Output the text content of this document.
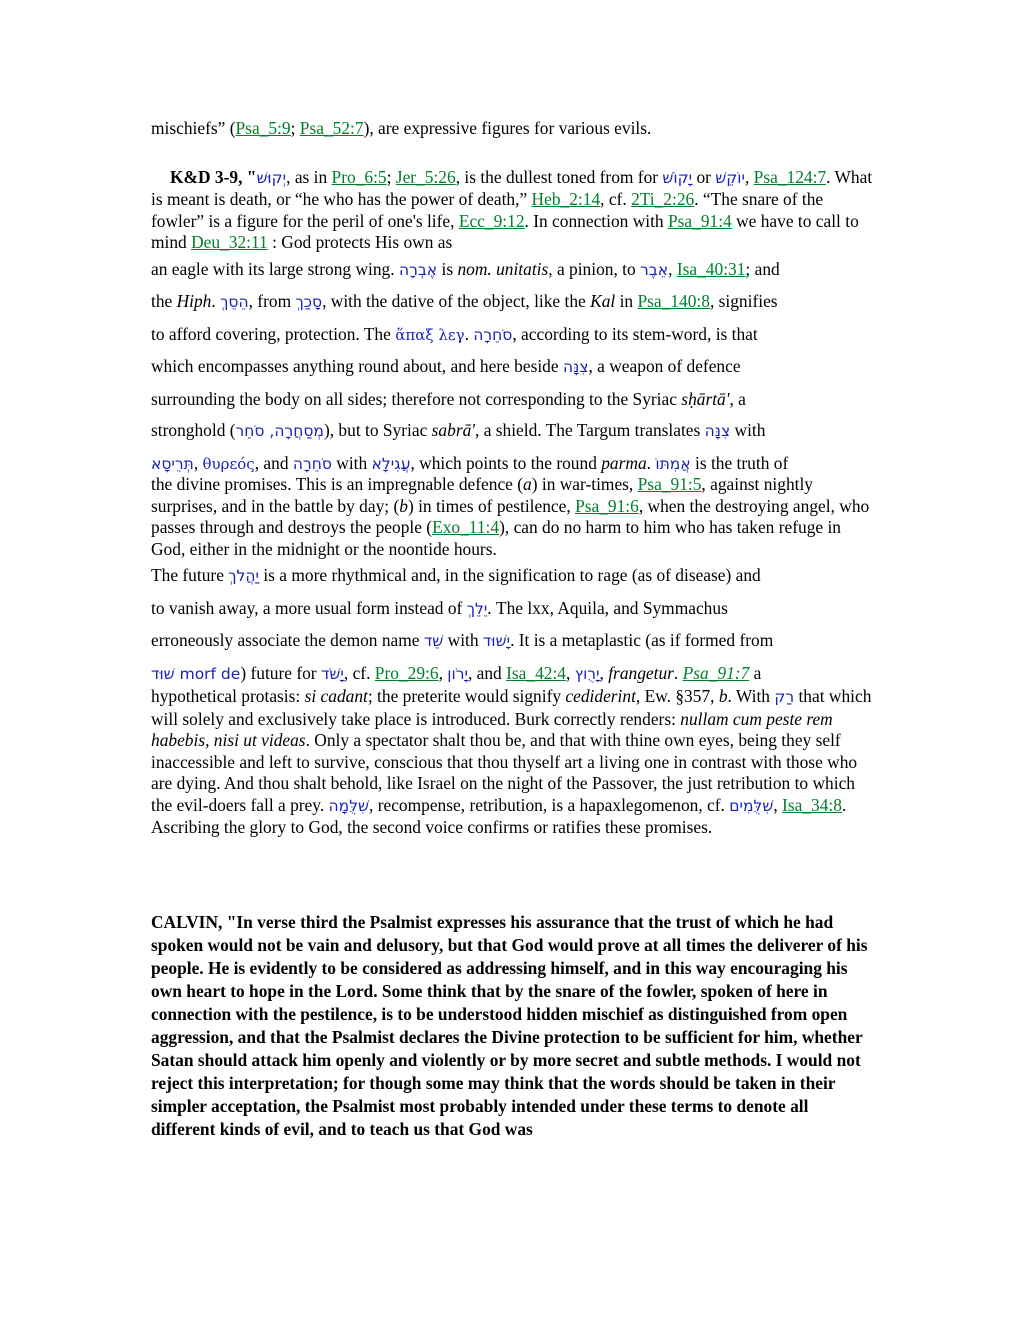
mischiefs” (Psa_5:9; Psa_52:7), are expressive figures for various evils.

K&D 3-9, "יְקוּשׁ, as in Pro_6:5; Jer_5:26, is the dullest toned from for יָקוֹשׁ or יוֹקֵשׁ, Psa_124:7. What is meant is death, or “he who has the power of death,” Heb_2:14, cf. 2Ti_2:26. “The snare of the fowler” is a figure for the peril of one's life, Ecc_9:12. In connection with Psa_91:4 we have to call to mind Deu_32:11 : God protects His own as
an eagle with its large strong wing. אֶבְרָה is nom. unitatis, a pinion, to אֵבֶר, Isa_40:31; and
the Hiph. הֵסֵךְ, from סָכַךְ, with the dative of the object, like the Kal in Psa_140:8, signifies
to afford covering, protection. The ἅπαξ λεγ. סֹחֵרָה, according to its stem-word, is that
which encompasses anything round about, and here beside צִנָּה, a weapon of defence
surrounding the body on all sides; therefore not corresponding to the Syriac sḥārtā', a
stronghold (מְסַחֲרָה, סֹחֵר), but to Syriac sabrā', a shield. The Targum translates צִנָּה with
תְּרֵיסָא, θυρεός, and סֹחֵרָה with עֲגִילָא, which points to the round parma. אֲמִתּוֹ is the truth of
the divine promises. This is an impregnable defence (a) in war-times, Psa_91:5, against nightly surprises, and in the battle by day; (b) in times of pestilence, Psa_91:6, when the destroying angel, who passes through and destroys the people (Exo_11:4), can do no harm to him who has taken refuge in God, either in the midnight or the noontide hours.
The future יַהֲלֹךְ is a more rhythmical and, in the signification to rage (as of disease) and
to vanish away, a more usual form instead of יֵלֵךְ. The lxx, Aquila, and Symmachus
erroneously associate the demon name שֵׁד with יָשׁוּד. It is a metaplastic (as if formed from
שׁוּד morf de) future for יָשֹׁד, cf. Pro_29:6, יָרֹון, and Isa_42:4, יָרֻוץ, frangetur. Psa_91:7 a
hypothetical protasis: si cadant; the preterite would signify cediderint, Ew. §357, b. With רַק that which will solely and exclusively take place is introduced. Burk correctly renders: nullam cum peste rem habebis, nisi ut videas. Only a spectator shalt thou be, and that with thine own eyes, being they self inaccessible and left to survive, conscious that thou thyself art a living one in contrast with those who are dying. And thou shalt behold, like Israel on the night of the Passover, the just retribution to which the evil-doers fall a prey. שִׁלֻּמָה, recompense, retribution, is a hapaxlegomenon, cf. שִׁלֻּמִים, Isa_34:8. Ascribing the glory to God, the second voice confirms or ratifies these promises.

CALVIN, "In verse third the Psalmist expresses his assurance that the trust of which he had spoken would not be vain and delusory, but that God would prove at all times the deliverer of his people. He is evidently to be considered as addressing himself, and in this way encouraging his own heart to hope in the Lord. Some think that by the snare of the fowler, spoken of here in connection with the pestilence, is to be understood hidden mischief as distinguished from open aggression, and that the Psalmist declares the Divine protection to be sufficient for him, whether Satan should attack him openly and violently or by more secret and subtle methods. I would not reject this interpretation; for though some may think that the words should be taken in their simpler acceptation, the Psalmist most probably intended under these terms to denote all different kinds of evil, and to teach us that God was
